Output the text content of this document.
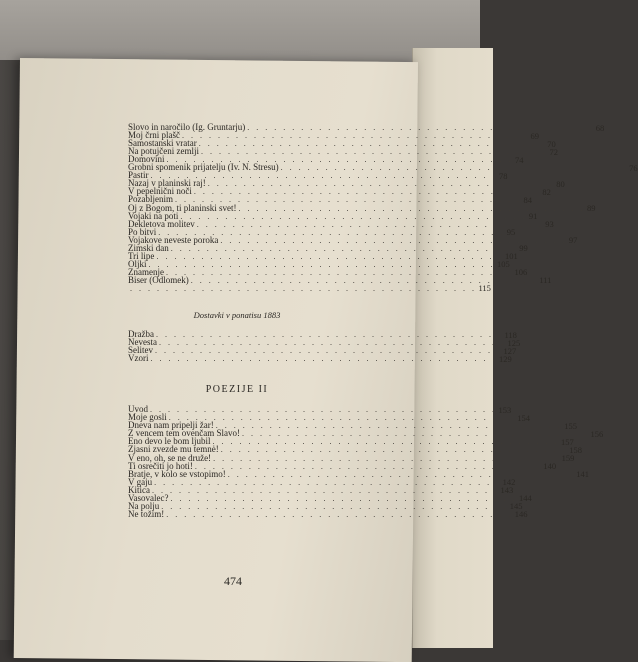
Slovo in naročilo (Ig. Gruntarju) . . . . . . . . . . . . . . . . . . . . . . . . . . . . . . . . . . . . . . . 68
Moj črni plašč . . . . . . . . . . . . . . . . . . . . . . . . . . . . . . . . . . . . . . . 69
Samostanski vratar . . . . . . . . . . . . . . . . . . . . . . . . . . . . . . . . . . . . . . . 70
Na potujčeni zemlji . . . . . . . . . . . . . . . . . . . . . . . . . . . . . . . . . . . . . . . 72
Domovini . . . . . . . . . . . . . . . . . . . . . . . . . . . . . . . . . . . . . . . 74
Grobni spomenik prijatelju (Iv. N. Stresu) . . . . . . . . . . . . . . . . . . . . . . . . . . . . . . . . . . . . . . . 76
Pastir . . . . . . . . . . . . . . . . . . . . . . . . . . . . . . . . . . . . . . . 78
Nazaj v planinski raj! . . . . . . . . . . . . . . . . . . . . . . . . . . . . . . . . . . . . . . . 80
V pepelnični noči . . . . . . . . . . . . . . . . . . . . . . . . . . . . . . . . . . . . . . . 82
Pozabljenim . . . . . . . . . . . . . . . . . . . . . . . . . . . . . . . . . . . . . . . 84
Oj z Bogom, ti planinski svet! . . . . . . . . . . . . . . . . . . . . . . . . . . . . . . . . . . . . . . . 89
Vojaki na poti . . . . . . . . . . . . . . . . . . . . . . . . . . . . . . . . . . . . . . . 91
Dekletova molitev . . . . . . . . . . . . . . . . . . . . . . . . . . . . . . . . . . . . . . . 93
Po bitvi . . . . . . . . . . . . . . . . . . . . . . . . . . . . . . . . . . . . . . . 95
Vojakove neveste poroka . . . . . . . . . . . . . . . . . . . . . . . . . . . . . . . . . . . . . . . 97
Zimski dan . . . . . . . . . . . . . . . . . . . . . . . . . . . . . . . . . . . . . . . 99
Tri lipe . . . . . . . . . . . . . . . . . . . . . . . . . . . . . . . . . . . . . . . 101
Oljki . . . . . . . . . . . . . . . . . . . . . . . . . . . . . . . . . . . . . . . 105
Znamenje . . . . . . . . . . . . . . . . . . . . . . . . . . . . . . . . . . . . . . . 106
Biser (Odlomek) . . . . . . . . . . . . . . . . . . . . . . . . . . . . . . . . . . . . . . . 111
. . . . . . . . . . . . . . . . . . . . . . . . . . . . . . . . . . . . . . . 115
Dostavki v ponatisu 1883
Dražba . . . . . . . . . . . . . . . . . . . . . . . . . . . . . . . . . . . . . . . 118
Nevesta . . . . . . . . . . . . . . . . . . . . . . . . . . . . . . . . . . . . . . . 125
Selitev . . . . . . . . . . . . . . . . . . . . . . . . . . . . . . . . . . . . . . . 127
Vzori . . . . . . . . . . . . . . . . . . . . . . . . . . . . . . . . . . . . . . . 129
POEZIJE II
Uvod . . . . . . . . . . . . . . . . . . . . . . . . . . . . . . . . . . . . . . . 153
Moje gosli . . . . . . . . . . . . . . . . . . . . . . . . . . . . . . . . . . . . . . . 154
Dneva nam pripelji žar! . . . . . . . . . . . . . . . . . . . . . . . . . . . . . . . . . . . . . . . 155
Z vencem tem ovenčam Slavo! . . . . . . . . . . . . . . . . . . . . . . . . . . . . . . . . . . . . . . . 156
Eno devo le bom ljubil . . . . . . . . . . . . . . . . . . . . . . . . . . . . . . . . . . . . . . . 157
Zjasni zvezde mu temnė! . . . . . . . . . . . . . . . . . . . . . . . . . . . . . . . . . . . . . . . 158
V eno, oh, se ne druže! . . . . . . . . . . . . . . . . . . . . . . . . . . . . . . . . . . . . . . . 159
Ti osrečiti jo hoti! . . . . . . . . . . . . . . . . . . . . . . . . . . . . . . . . . . . . . . . 140
Bratje, v kolo se vstopimo! . . . . . . . . . . . . . . . . . . . . . . . . . . . . . . . . . . . . . . . 141
V gaju . . . . . . . . . . . . . . . . . . . . . . . . . . . . . . . . . . . . . . . 142
Kitica . . . . . . . . . . . . . . . . . . . . . . . . . . . . . . . . . . . . . . . 143
Vasovalec? . . . . . . . . . . . . . . . . . . . . . . . . . . . . . . . . . . . . . . . 144
Na polju . . . . . . . . . . . . . . . . . . . . . . . . . . . . . . . . . . . . . . . 145
Ne tožim! . . . . . . . . . . . . . . . . . . . . . . . . . . . . . . . . . . . . . . . 146
474
